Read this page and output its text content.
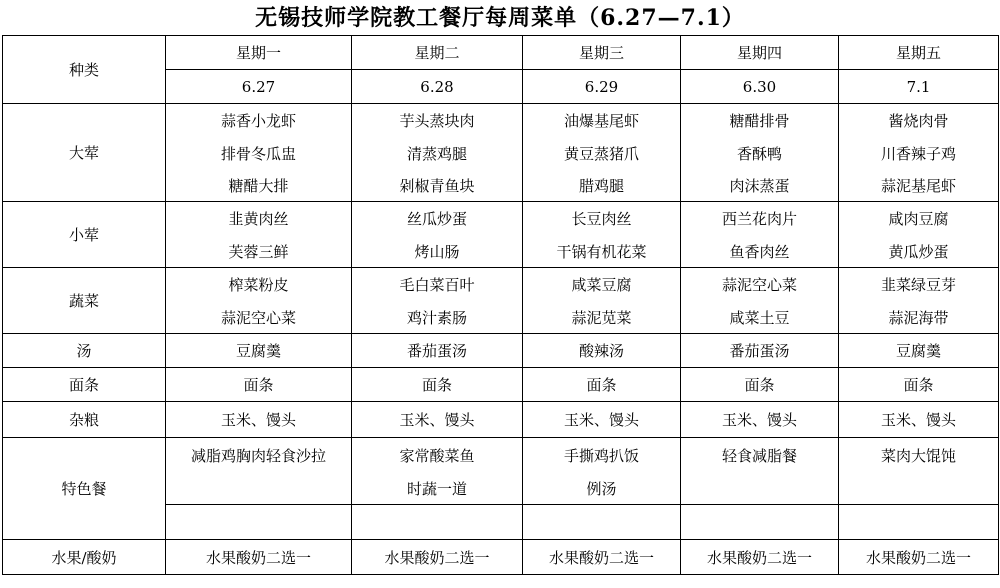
无锡技师学院教工餐厅每周菜单（6.27—7.1）
种类	星期一	星期二	星期三	星期四	星期五
	6.27	6.28	6.29	6.30	7.1
大荤	蒜香小龙虾	芋头蒸块肉	油爆基尾虾	糖醋排骨	酱烧肉骨
	排骨冬瓜盅	清蒸鸡腿	黄豆蒸猪爪	香酥鸭	川香辣子鸡
	糖醋大排	剁椒青鱼块	腊鸡腿	肉沫蒸蛋	蒜泥基尾虾
小荤	韭黄肉丝	丝瓜炒蛋	长豆肉丝	西兰花肉片	咸肉豆腐
	芙蓉三鲜	烤山肠	干锅有机花菜	鱼香肉丝	黄瓜炒蛋
蔬菜	榨菜粉皮	毛白菜百叶	咸菜豆腐	蒜泥空心菜	韭菜绿豆芽
	蒜泥空心菜	鸡汁素肠	蒜泥苋菜	咸菜土豆	蒜泥海带
汤	豆腐羹	番茄蛋汤	酸辣汤	番茄蛋汤	豆腐羹
面条	面条	面条	面条	面条	面条
杂粮	玉米、馒头	玉米、馒头	玉米、馒头	玉米、馒头	玉米、馒头
特色餐	减脂鸡胸肉轻食沙拉	家常酸菜鱼	手撕鸡扒饭	轻食减脂餐	菜肉大馄饨
		时蔬一道	例汤		

水果/酸奶	水果酸奶二选一	水果酸奶二选一	水果酸奶二选一	水果酸奶二选一	水果酸奶二选一
